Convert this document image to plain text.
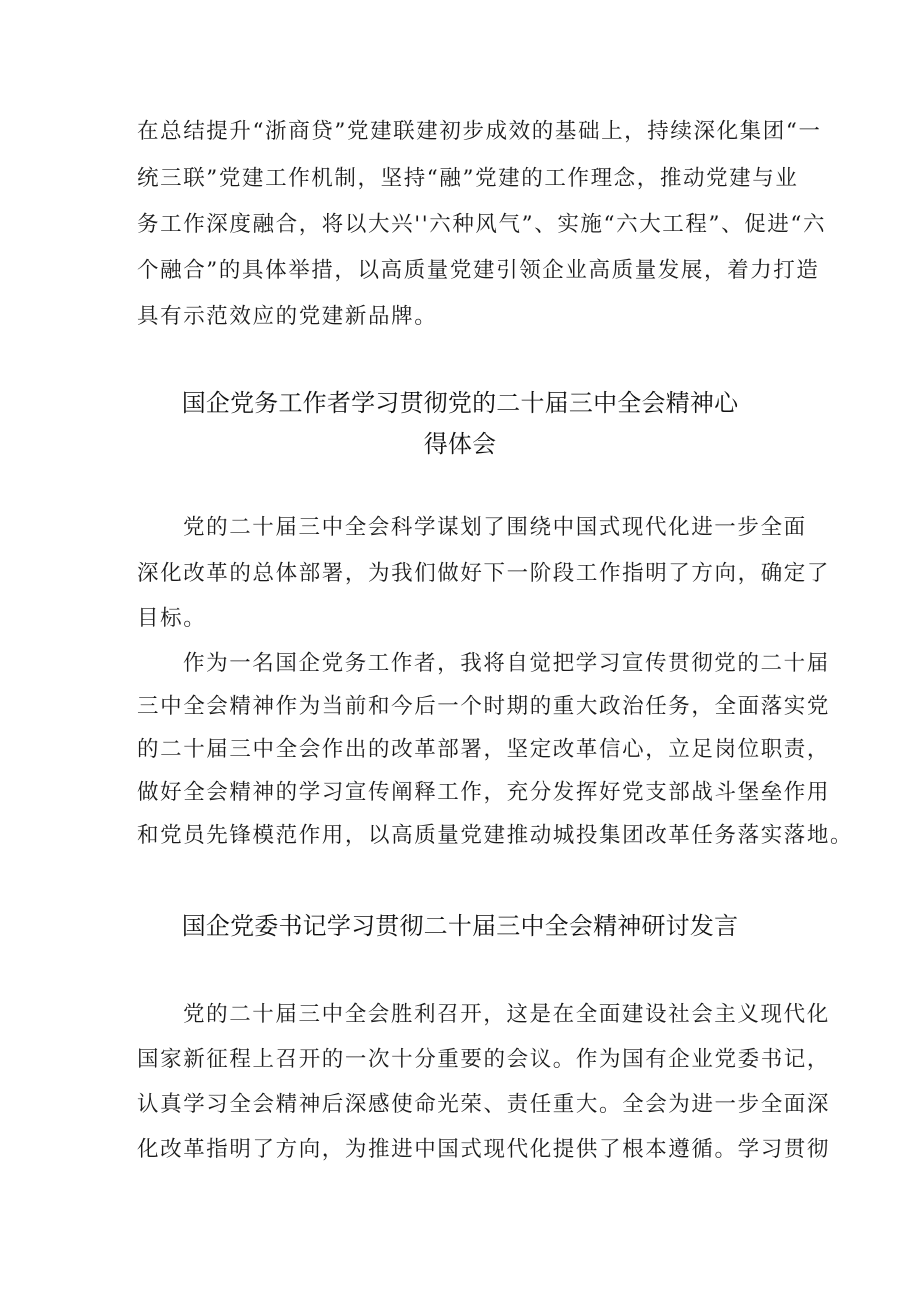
在总结提升“浙商贷”党建联建初步成效的基础上，持续深化集团“一
统三联”党建工作机制，坚持“融”党建的工作理念，推动党建与业
务工作深度融合，将以大兴''六种风气”、实施“六大工程”、促进“六
个融合”的具体举措，以高质量党建引领企业高质量发展，着力打造
具有示范效应的党建新品牌。
国企党务工作者学习贯彻党的二十届三中全会精神心
得体会
党的二十届三中全会科学谋划了围绕中国式现代化进一步全面
深化改革的总体部署，为我们做好下一阶段工作指明了方向，确定了
目标。
作为一名国企党务工作者，我将自觉把学习宣传贯彻党的二十届
三中全会精神作为当前和今后一个时期的重大政治任务，全面落实党
的二十届三中全会作出的改革部署，坚定改革信心，立足岗位职责，
做好全会精神的学习宣传阐释工作，充分发挥好党支部战斗堡垒作用
和党员先锋模范作用，以高质量党建推动城投集团改革任务落实落地。
国企党委书记学习贯彻二十届三中全会精神研讨发言
党的二十届三中全会胜利召开，这是在全面建设社会主义现代化
国家新征程上召开的一次十分重要的会议。作为国有企业党委书记，
认真学习全会精神后深感使命光荣、责任重大。全会为进一步全面深
化改革指明了方向，为推进中国式现代化提供了根本遵循。学习贯彻
